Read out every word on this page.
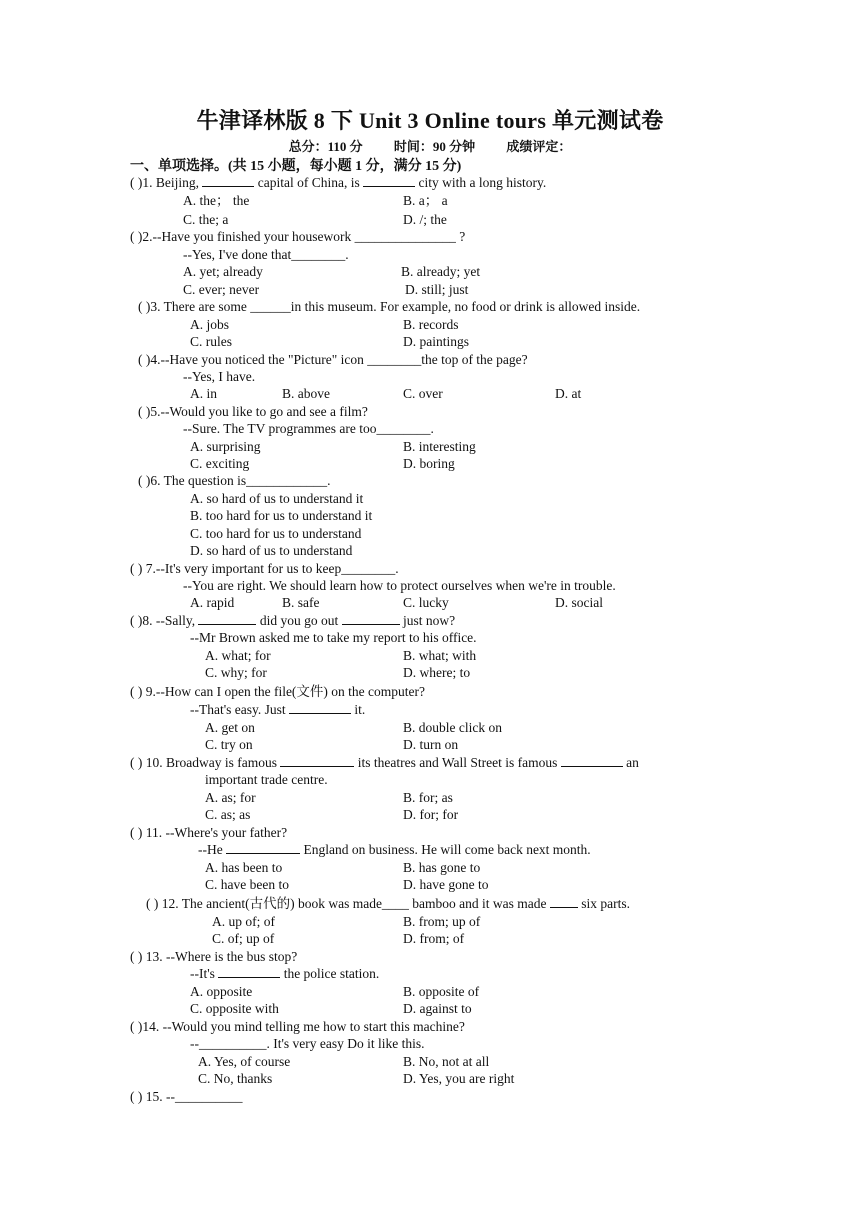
牛津译林版 8 下 Unit 3 Online tours 单元测试卷
总分：110 分 时间：90 分钟 成绩评定：
一、单项选择。(共 15 小题，每小题 1 分，满分 15 分)
( )1. Beijing,	capital of China, is	city with a long history.
A. the； the	B. a； a
C. the; a	D. /; the
( )2.--Have you finished your housework _______________ ?
--Yes, I've done that________.
A. yet; already	B. already; yet
C. ever; never	D. still; just
( )3. There are some ______in this museum. For example, no food or drink is allowed inside.
A. jobs	B. records
C. rules	D. paintings
( )4.--Have you noticed the "Picture" icon ________the top of the page?
--Yes, I have.
A. in	B. above	C. over	D. at
( )5.--Would you like to go and see a film?
--Sure. The TV programmes are too________.
A. surprising	B. interesting
C. exciting	D. boring
( )6. The question is____________.
A. so hard of us to understand it
B. too hard for us to understand it
C. too hard for us to understand
D. so hard of us to understand
( ) 7.--It's very important for us to keep________.
--You are right. We should learn how to protect ourselves when we're in trouble.
A. rapid	B. safe	C. lucky	D. social
( )8. --Sally,	did you go out	just now?
--Mr Brown asked me to take my report to his office.
A. what; for	B. what; with
C. why; for	D. where; to
( ) 9.--How can I open the file(文件) on the computer?
--That's easy. Just	it.
A. get on	B. double click on
C. try on	D. turn on
( ) 10. Broadway is famous	its theatres and Wall Street is famous	an
important trade centre.
A. as; for	B. for; as
C. as; as	D. for; for
( ) 11. --Where's your father?
--He	England on business. He will come back next month.
A. has been to	B. has gone to
C. have been to	D. have gone to
( ) 12. The ancient(古代的) book was made____ bamboo and it was made  six parts.
A. up of; of	B. from; up of
C. of; up of	D. from; of
( ) 13. --Where is the bus stop?
--It's	the police station.
A. opposite	B. opposite of
C. opposite with	D. against to
( )14. --Would you mind telling me how to start this machine?
--__________. It's very easy Do it like this.
A. Yes, of course	B. No, not at all
C. No, thanks	D. Yes, you are right
( ) 15. --__________
